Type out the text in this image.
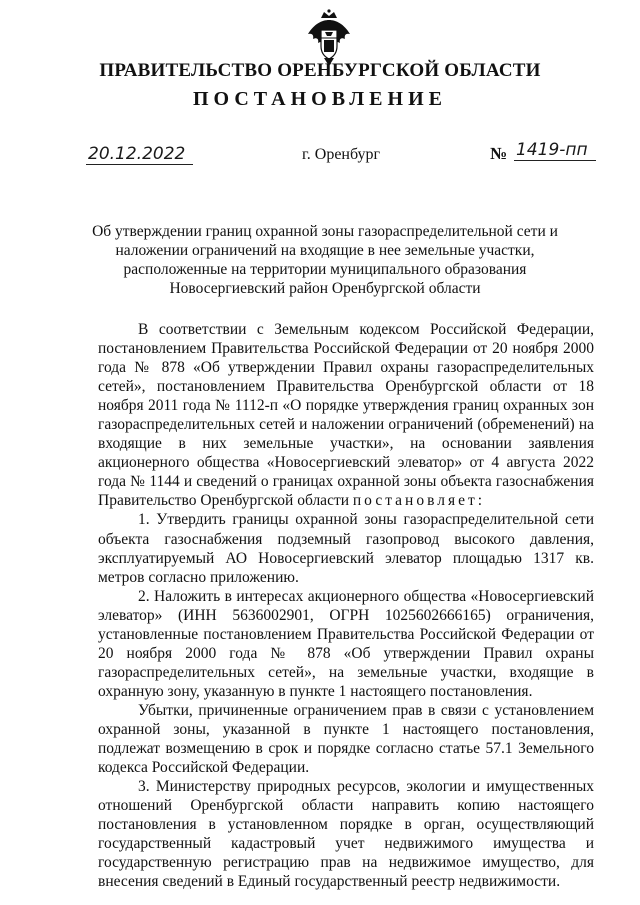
ПРАВИТЕЛЬСТВО ОРЕНБУРГСКОЙ ОБЛАСТИ
ПОСТАНОВЛЕНИЕ
20.12.2022	г. Оренбург	№ 1419-пп
Об утверждении границ охранной зоны газораспределительной сети и наложении ограничений на входящие в нее земельные участки, расположенные на территории муниципального образования Новосергиевский район Оренбургской области

В соответствии с Земельным кодексом Российской Федерации, постановлением Правительства Российской Федерации от 20 ноября 2000 года № 878 «Об утверждении Правил охраны газораспределительных сетей», постановлением Правительства Оренбургской области от 18 ноября 2011 года № 1112-п «О порядке утверждения границ охранных зон газораспределительных сетей и наложении ограничений (обременений) на входящие в них земельные участки», на основании заявления акционерного общества «Новосергиевский элеватор» от 4 августа 2022 года № 1144 и сведений о границах охранной зоны объекта газоснабжения Правительство Оренбургской области постановляет:

1. Утвердить границы охранной зоны газораспределительной сети объекта газоснабжения подземный газопровод высокого давления, эксплуатируемый АО Новосергиевский элеватор площадью 1317 кв. метров согласно приложению.

2. Наложить в интересах акционерного общества «Новосергиевский элеватор» (ИНН 5636002901, ОГРН 1025602666165) ограничения, установленные постановлением Правительства Российской Федерации от 20 ноября 2000 года № 878 «Об утверждении Правил охраны газораспределительных сетей», на земельные участки, входящие в охранную зону, указанную в пункте 1 настоящего постановления.

Убытки, причиненные ограничением прав в связи с установлением охранной зоны, указанной в пункте 1 настоящего постановления, подлежат возмещению в срок и порядке согласно статье 57.1 Земельного кодекса Российской Федерации.

3. Министерству природных ресурсов, экологии и имущественных отношений Оренбургской области направить копию настоящего постановления в установленном порядке в орган, осуществляющий государственный кадастровый учет недвижимого имущества и государственную регистрацию прав на недвижимое имущество, для внесения сведений в Единый государственный реестр недвижимости.
